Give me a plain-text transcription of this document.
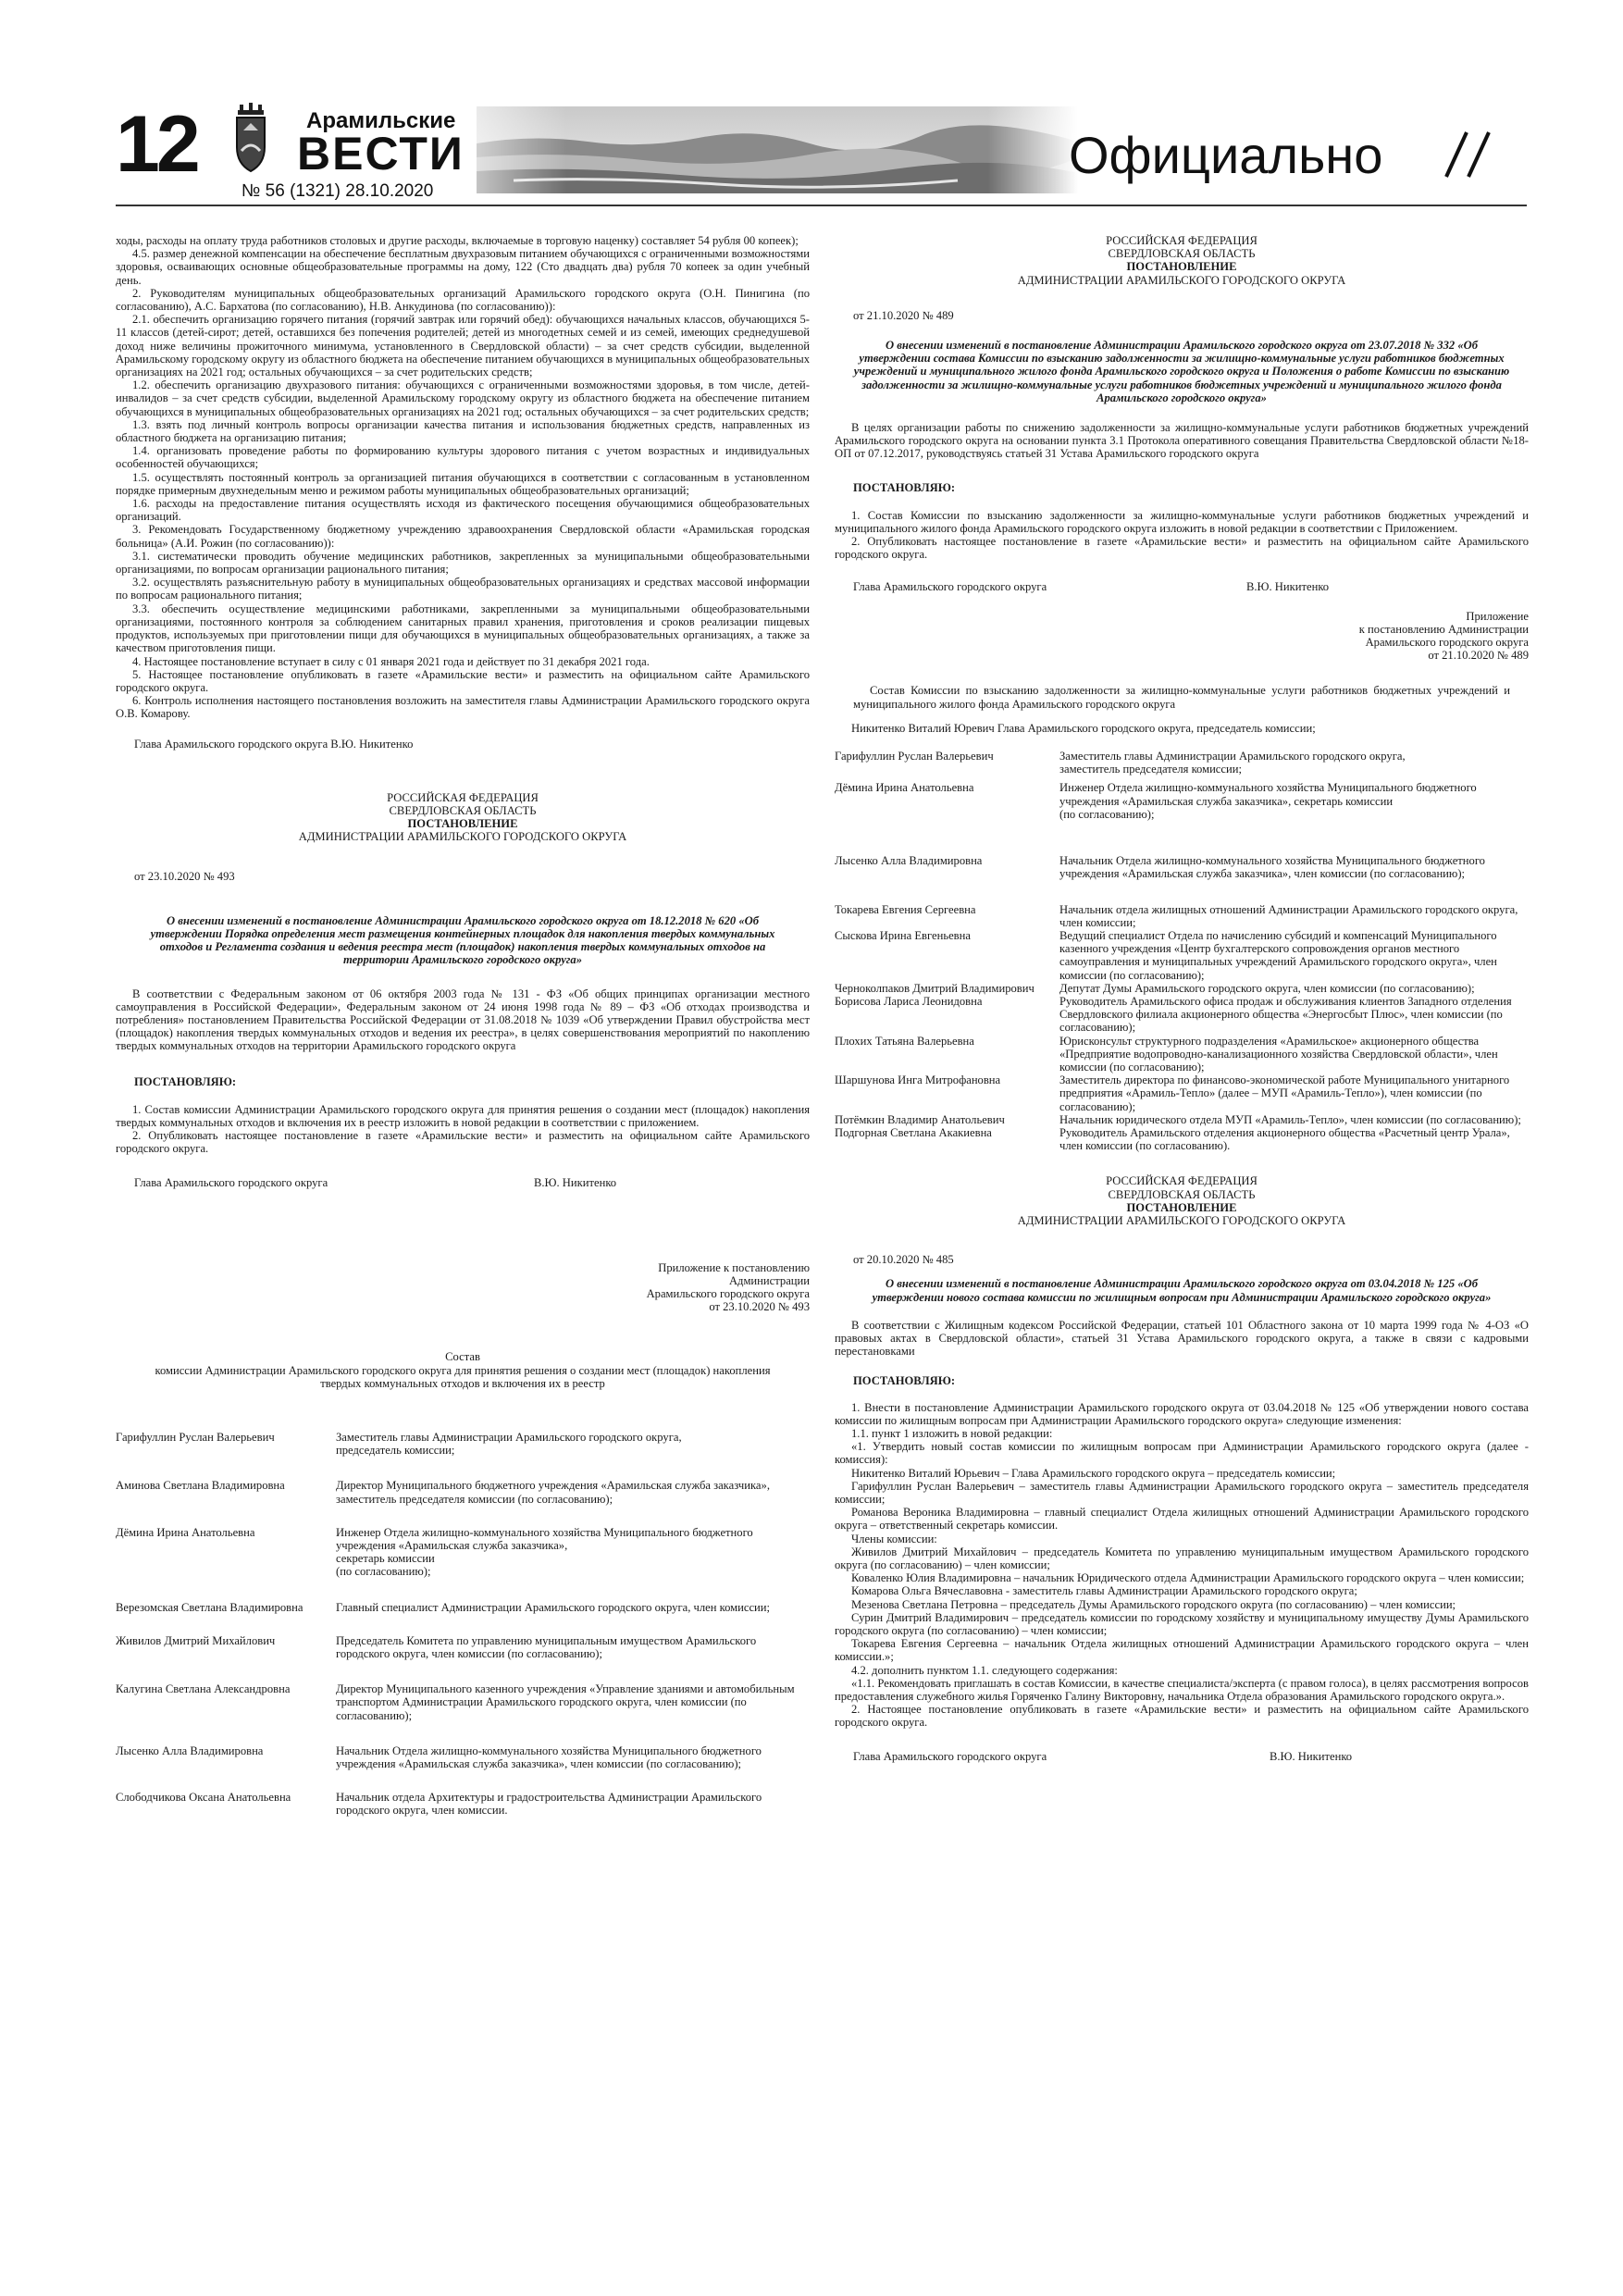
12	Арамильские
ВЕСТИ
№ 56 (1321) 28.10.2020
Официально

ходы, расходы на оплату труда работников столовых и другие расходы, включаемые в торговую наценку) составляет 54 рубля 00 копеек);

4.5. размер денежной компенсации на обеспечение бесплатным двухразовым питанием обучающихся с ограниченными возможностями здоровья, осваивающих основные общеобразовательные программы на дому, 122 (Сто двадцать два) рубля 70 копеек за один учебный день.

2. Руководителям муниципальных общеобразовательных организаций Арамильского городского округа (О.Н. Пинигина (по согласованию), А.С. Бархатова (по согласованию), Н.В. Анкудинова (по согласованию)):

2.1. обеспечить организацию горячего питания (горячий завтрак или горячий обед): обучающихся начальных классов, обучающихся 5-11 классов (детей-сирот; детей, оставшихся без попечения родителей; детей из многодетных семей и из семей, имеющих среднедушевой доход ниже величины прожиточного минимума, установленного в Свердловской области) – за счет средств субсидии, выделенной Арамильскому городскому округу из областного бюджета на обеспечение питанием обучающихся в муниципальных общеобразовательных организациях на 2021 год; остальных обучающихся – за счет родительских средств;

1.2. обеспечить организацию двухразового питания: обучающихся с ограниченными возможностями здоровья, в том числе, детей-инвалидов – за счет средств субсидии, выделенной Арамильскому городскому округу из областного бюджета на обеспечение питанием обучающихся в муниципальных общеобразовательных организациях на 2021 год; остальных обучающихся – за счет родительских средств;

1.3. взять под личный контроль вопросы организации качества питания и использования бюджетных средств, направленных из областного бюджета на организацию питания;

1.4. организовать проведение работы по формированию культуры здорового питания с учетом возрастных и индивидуальных особенностей обучающихся;

1.5. осуществлять постоянный контроль за организацией питания обучающихся в соответствии с согласованным в установленном порядке примерным двухнедельным меню и режимом работы муниципальных общеобразовательных организаций;

1.6. расходы на предоставление питания осуществлять исходя из фактического посещения обучающимися общеобразовательных организаций.

3. Рекомендовать Государственному бюджетному учреждению здравоохранения Свердловской области «Арамильская городская больница» (А.И. Рожин (по согласованию)):

3.1. систематически проводить обучение медицинских работников, закрепленных за муниципальными общеобразовательными организациями, по вопросам организации рационального питания;

3.2. осуществлять разъяснительную работу в муниципальных общеобразовательных организациях и средствах массовой информации по вопросам рационального питания;

3.3. обеспечить осуществление медицинскими работниками, закрепленными за муниципальными общеобразовательными организациями, постоянного контроля за соблюдением санитарных правил хранения, приготовления и сроков реализации пищевых продуктов, используемых при приготовлении пищи для обучающихся в муниципальных общеобразовательных организациях, а также за качеством приготовления пищи.

4. Настоящее постановление вступает в силу с 01 января 2021 года и действует по 31 декабря 2021 года.

5. Настоящее постановление опубликовать в газете «Арамильские вести» и разместить на официальном сайте Арамильского городского округа.

6. Контроль исполнения настоящего постановления возложить на заместителя главы Администрации Арамильского городского округа О.В. Комарову.

Глава Арамильского городского округа В.Ю. Никитенко

РОССИЙСКАЯ ФЕДЕРАЦИЯ
СВЕРДЛОВСКАЯ ОБЛАСТЬ
ПОСТАНОВЛЕНИЕ
АДМИНИСТРАЦИИ АРАМИЛЬСКОГО ГОРОДСКОГО ОКРУГА

от 23.10.2020 № 493

О внесении изменений в постановление Администрации Арамильского городского округа от 18.12.2018 № 620 «Об утверждении Порядка определения мест размещения контейнерных площадок для накопления твердых коммунальных отходов и Регламента создания и ведения реестра мест (площадок) накопления твердых коммунальных отходов на территории Арамильского городского округа»

В соответствии с Федеральным законом от 06 октября 2003 года № 131 - ФЗ «Об общих принципах организации местного самоуправления в Российской Федерации», Федеральным законом от 24 июня 1998 года № 89 – ФЗ «Об отходах производства и потребления» постановлением Правительства Российской Федерации от 31.08.2018 № 1039 «Об утверждении Правил обустройства мест (площадок) накопления твердых коммунальных отходов и ведения их реестра», в целях совершенствования мероприятий по накоплению твердых коммунальных отходов на территории Арамильского городского округа

ПОСТАНОВЛЯЮ:

1. Состав комиссии Администрации Арамильского городского округа для принятия решения о создании мест (площадок) накопления твердых коммунальных отходов и включения их в реестр изложить в новой редакции в соответствии с приложением.

2. Опубликовать настоящее постановление в газете «Арамильские вести» и разместить на официальном сайте Арамильского городского округа.

Глава Арамильского городского округа	В.Ю. Никитенко
Приложение к постановлению
Администрации
Арамильского городского округа
от 23.10.2020 № 493
Состав
комиссии Администрации Арамильского городского округа для принятия решения о создании мест (площадок) накопления твердых коммунальных отходов и включения их в реестр
Гарифуллин Руслан Валерьевич	Заместитель главы Администрации Арамильского городского округа,
председатель комиссии;
Аминова Светлана Владимировна	Директор Муниципального бюджетного учреждения «Арамильская служба заказчика», заместитель председателя комиссии (по согласованию);
Дёмина Ирина Анатольевна	Инженер Отдела жилищно-коммунального хозяйства Муниципального бюджетного учреждения «Арамильская служба заказчика»,
секретарь комиссии
(по согласованию);
Верезомская Светлана Владимировна	Главный специалист Администрации Арамильского городского округа, член комиссии;
Живилов Дмитрий Михайлович	Председатель Комитета по управлению муниципальным имуществом Арамильского городского округа, член комиссии (по согласованию);
Калугина Светлана Александровна	Директор Муниципального казенного учреждения «Управление зданиями и автомобильным транспортом Администрации Арамильского городского округа, член комиссии (по согласованию);
Лысенко Алла Владимировна	Начальник Отдела жилищно-коммунального хозяйства Муниципального бюджетного учреждения «Арамильская служба заказчика», член комиссии (по согласованию);
Слободчикова Оксана Анатольевна	Начальник отдела Архитектуры и градостроительства Администрации Арамильского городского округа, член комиссии.
РОССИЙСКАЯ ФЕДЕРАЦИЯ
СВЕРДЛОВСКАЯ ОБЛАСТЬ
ПОСТАНОВЛЕНИЕ
АДМИНИСТРАЦИИ АРАМИЛЬСКОГО ГОРОДСКОГО ОКРУГА

от 21.10.2020 № 489

О внесении изменений в постановление Администрации Арамильского городского округа от 23.07.2018 № 332 «Об утверждении состава Комиссии по взысканию задолженности за жилищно-коммунальные услуги работников бюджетных учреждений и муниципального жилого фонда Арамильского городского округа и Положения о работе Комиссии по взысканию задолженности за жилищно-коммунальные услуги работников бюджетных учреждений и муниципального жилого фонда Арамильского городского округа»

В целях организации работы по снижению задолженности за жилищно-коммунальные услуги работников бюджетных учреждений Арамильского городского округа на основании пункта 3.1 Протокола оперативного совещания Правительства Свердловской области №18-ОП от 07.12.2017, руководствуясь статьей 31 Устава Арамильского городского округа

ПОСТАНОВЛЯЮ:

1. Состав Комиссии по взысканию задолженности за жилищно-коммунальные услуги работников бюджетных учреждений и муниципального жилого фонда Арамильского городского округа изложить в новой редакции в соответствии с Приложением.

2. Опубликовать настоящее постановление в газете «Арамильские вести» и разместить на официальном сайте Арамильского городского округа.

Глава Арамильского городского округа	В.Ю. Никитенко
Приложение
к постановлению Администрации
Арамильского городского округа
от 21.10.2020 № 489

Состав Комиссии по взысканию задолженности за жилищно-коммунальные услуги работников бюджетных учреждений и муниципального жилого фонда Арамильского городского округа

Никитенко Виталий Юревич Глава Арамильского городского округа, председатель комиссии;

Гарифуллин Руслан Валерьевич	Заместитель главы Администрации Арамильского городского округа,
заместитель председателя комиссии;
Дёмина Ирина Анатольевна	Инженер Отдела жилищно-коммунального хозяйства Муниципального бюджетного учреждения «Арамильская служба заказчика», секретарь комиссии
(по согласованию);
Лысенко Алла Владимировна	Начальник Отдела жилищно-коммунального хозяйства Муниципального бюджетного учреждения «Арамильская служба заказчика», член комиссии (по согласованию);
Токарева Евгения Сергеевна	Начальник отдела жилищных отношений Администрации Арамильского городского округа, член комиссии;
Сыскова Ирина Евгеньевна	Ведущий специалист Отдела по начислению субсидий и компенсаций Муниципального казенного учреждения «Центр бухгалтерского сопровождения органов местного самоуправления и муниципальных учреждений Арамильского городского округа», член комиссии (по согласованию);
Черноколпаков Дмитрий Владимирович	Депутат Думы Арамильского городского округа, член комиссии (по согласованию);
Борисова Лариса Леонидовна	Руководитель Арамильского офиса продаж и обслуживания клиентов Западного отделения Свердловского филиала акционерного общества «Энергосбыт Плюс», член комиссии (по согласованию);
Плохих Татьяна Валерьевна	Юрисконсульт структурного подразделения «Арамильское» акционерного общества «Предприятие водопроводно-канализационного хозяйства Свердловской области», член комиссии (по согласованию);
Шаршунова Инга Митрофановна	Заместитель директора по финансово-экономической работе Муниципального унитарного предприятия «Арамиль-Тепло» (далее – МУП «Арамиль-Тепло»), член комиссии (по согласованию);
Потёмкин Владимир Анатольевич	Начальник юридического отдела МУП «Арамиль-Тепло», член комиссии (по согласованию);
Подгорная Светлана Акакиевна	Руководитель Арамильского отделения акционерного общества «Расчетный центр Урала», член комиссии (по согласованию).
РОССИЙСКАЯ ФЕДЕРАЦИЯ
СВЕРДЛОВСКАЯ ОБЛАСТЬ
ПОСТАНОВЛЕНИЕ
АДМИНИСТРАЦИИ АРАМИЛЬСКОГО ГОРОДСКОГО ОКРУГА

от 20.10.2020 № 485

О внесении изменений в постановление Администрации Арамильского городского округа от 03.04.2018 № 125 «Об утверждении нового состава комиссии по жилищным вопросам при Администрации Арамильского городского округа»

В соответствии с Жилищным кодексом Российской Федерации, статьей 101 Областного закона от 10 марта 1999 года № 4-ОЗ «О правовых актах в Свердловской области», статьей 31 Устава Арамильского городского округа, а также в связи с кадровыми перестановками

ПОСТАНОВЛЯЮ:

1. Внести в постановление Администрации Арамильского городского округа от 03.04.2018 № 125 «Об утверждении нового состава комиссии по жилищным вопросам при Администрации Арамильского городского округа» следующие изменения:

1.1. пункт 1 изложить в новой редакции:

«1. Утвердить новый состав комиссии по жилищным вопросам при Администрации Арамильского городского округа (далее - комиссия):

Никитенко Виталий Юрьевич – Глава Арамильского городского округа – председатель комиссии;

Гарифуллин Руслан Валерьевич – заместитель главы Администрации Арамильского городского округа – заместитель председателя комиссии;

Романова Вероника Владимировна – главный специалист Отдела жилищных отношений Администрации Арамильского городского округа – ответственный секретарь комиссии.

Члены комиссии:

Живилов Дмитрий Михайлович – председатель Комитета по управлению муниципальным имуществом Арамильского городского округа (по согласованию) – член комиссии;

Коваленко Юлия Владимировна – начальник Юридического отдела Администрации Арамильского городского округа – член комиссии;

Комарова Ольга Вячеславовна - заместитель главы Администрации Арамильского городского округа;

Мезенова Светлана Петровна – председатель Думы Арамильского городского округа (по согласованию) – член комиссии;

Сурин Дмитрий Владимирович – председатель комиссии по городскому хозяйству и муниципальному имуществу Думы Арамильского городского округа (по согласованию) – член комиссии;

Токарева Евгения Сергеевна – начальник Отдела жилищных отношений Администрации Арамильского городского округа – член комиссии.»;

4.2. дополнить пунктом 1.1. следующего содержания:

«1.1. Рекомендовать приглашать в состав Комиссии, в качестве специалиста/эксперта (с правом голоса), в целях рассмотрения вопросов предоставления служебного жилья Горяченко Галину Викторовну, начальника Отдела образования Арамильского городского округа.».

2. Настоящее постановление опубликовать в газете «Арамильские вести» и разместить на официальном сайте Арамильского городского округа.

Глава Арамильского городского округа	В.Ю. Никитенко
